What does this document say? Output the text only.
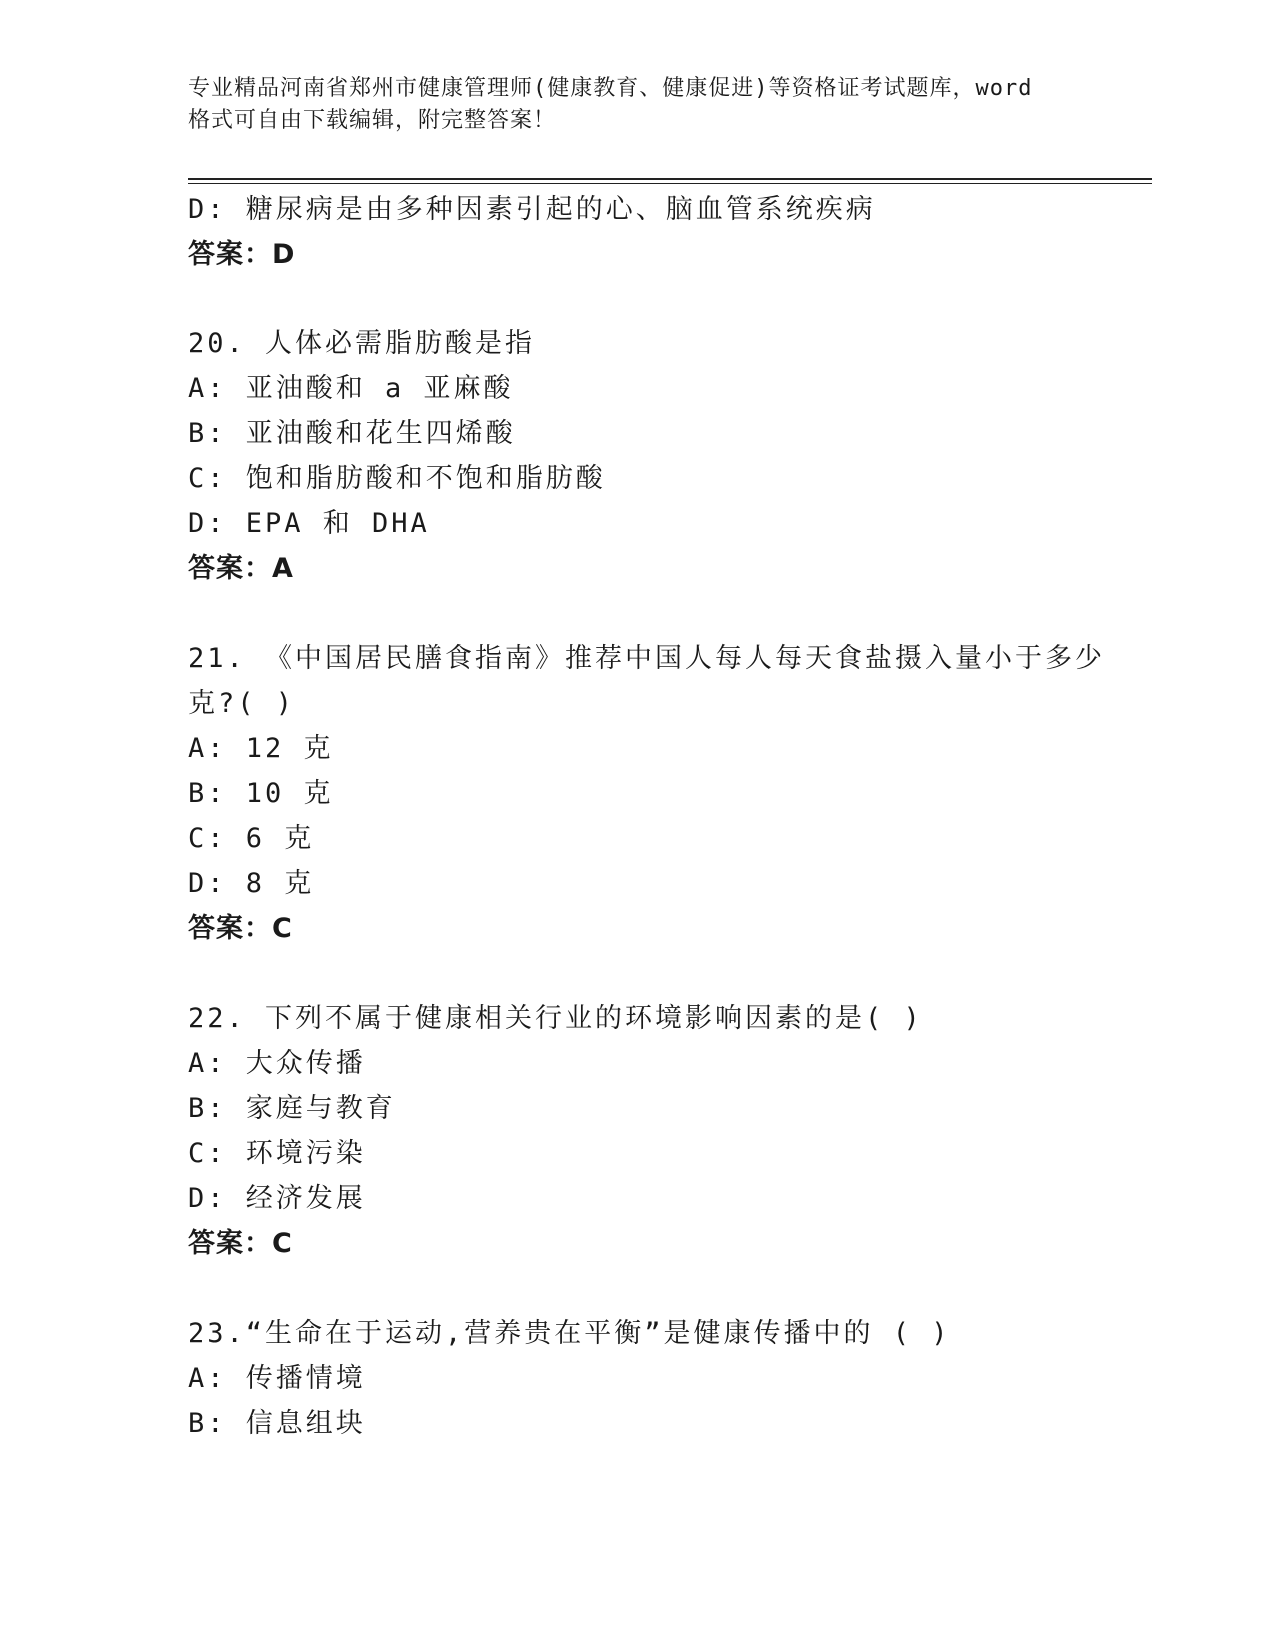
专业精品河南省郑州市健康管理师(健康教育、健康促进)等资格证考试题库，word
格式可自由下载编辑，附完整答案！
D: 糖尿病是由多种因素引起的心、脑血管系统疾病
答案：D
20. 人体必需脂肪酸是指
A: 亚油酸和 a 亚麻酸
B: 亚油酸和花生四烯酸
C: 饱和脂肪酸和不饱和脂肪酸
D: EPA 和 DHA
答案：A
21. 《中国居民膳食指南》推荐中国人每人每天食盐摄入量小于多少
克?( )
A: 12 克
B: 10 克
C: 6 克
D: 8 克
答案：C
22. 下列不属于健康相关行业的环境影响因素的是( )
A: 大众传播
B: 家庭与教育
C: 环境污染
D: 经济发展
答案：C
23.“生命在于运动,营养贵在平衡”是健康传播中的 ( )
A: 传播情境
B: 信息组块
